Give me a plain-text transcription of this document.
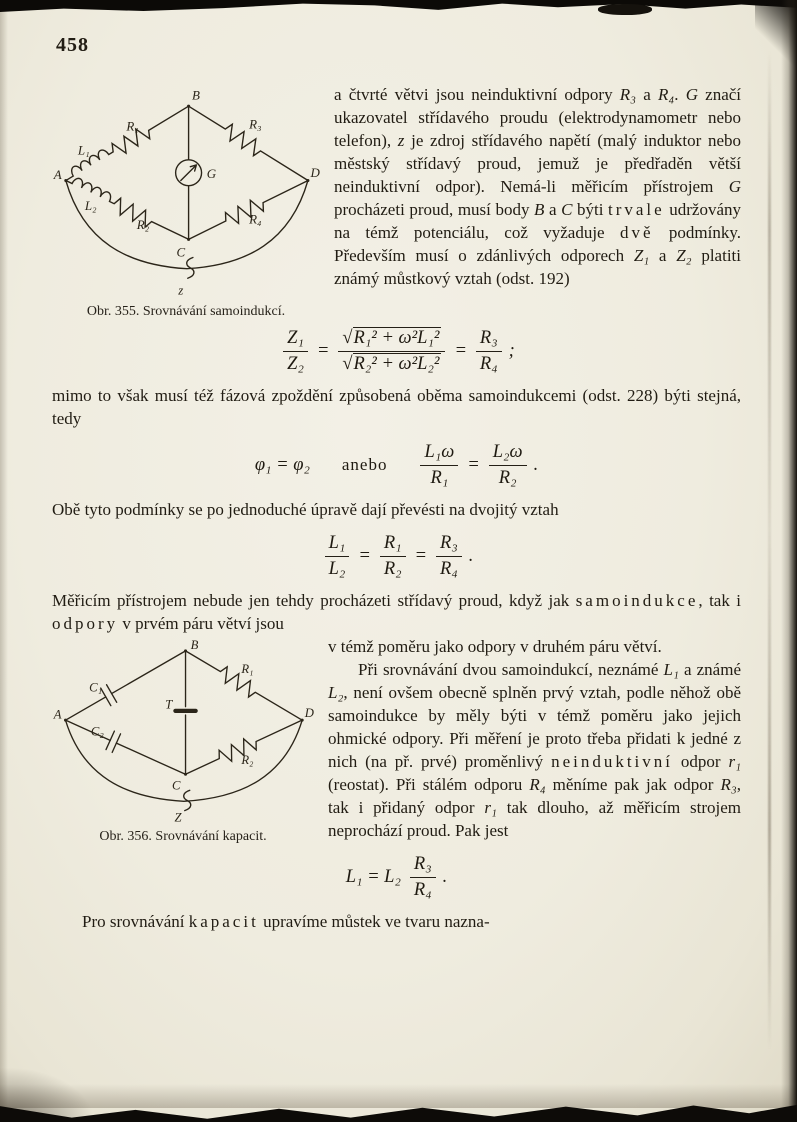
458
A
B
C
D
L₁
R₁	R₃
L₂
R₂	R₄
G
z
Obr. 355. Srovnávání samoindukcí.

a čtvrté větvi jsou neinduktivní odpory R₃ a R₄. G značí ukazovatel střídavého proudu (elektrodynamometr nebo telefon), z je zdroj střídavého napětí (malý induktor nebo městský střídavý proud, jemuž je předřaděn větší neinduktivní odpor). Nemá-li měřicím přístrojem G procházeti proud, musí body B a C býti trvale udržovány na témž potenciálu, což vyžaduje dvě podmínky. Především musí o zdánlivých odporech Z₁ a Z₂ platiti známý můstkový vztah (odst. 192)

$\frac{\text{Z₁}}{\text{Z₂}} = \frac{\text{√R₁² + ω²L₁²}}{\text{√R₂² + ω²L₂²}} = \frac{\text{R₃}}{\text{R₄}}$ ;

mimo to však musí též fázová zpoždění způsobená oběma samoindukcemi (odst. 228) býti stejná, tedy

φ₁ = φ₂ anebo $\frac{\text{L₁ω}}{\text{R₁}} = \frac{\text{L₂ω}}{\text{R₂}}$ .

Obě tyto podmínky se po jednoduché úpravě dají převésti na dvojitý vztah

$\frac{\text{L₁}}{\text{L₂}} = \frac{\text{R₁}}{\text{R₂}} = \frac{\text{R₃}}{\text{R₄}}$ .

Měřicím přístrojem nebude jen tehdy procházeti střídavý proud, když jak samoindukce, tak i odpory v prvém páru větví jsou

A
B
C
D
C₁
R₁
C₂
R₂
T
Z
Obr. 356. Srovnávání kapacit.

v témž poměru jako odpory v druhém páru větví.

Při srovnávání dvou samoindukcí, neznámé L₁ a známé L₂, není ovšem obecně splněn prvý vztah, podle něhož obě samoindukce by měly býti v témž poměru jako jejich ohmické odpory. Při měření je proto třeba přidati k jedné z nich (na př. prvé) proměnlivý neinduktivní odpor r₁ (reostat). Při stálém odporu R₄ měníme pak jak odpor R₃, tak i přidaný odpor r₁ tak dlouho, až měřicím strojem neprochází proud. Pak jest

$L_1 = L_2 \frac{\text{R₃}}{\text{R₄}}$ .

Pro srovnávání kapacit upravíme můstek ve tvaru nazna-
